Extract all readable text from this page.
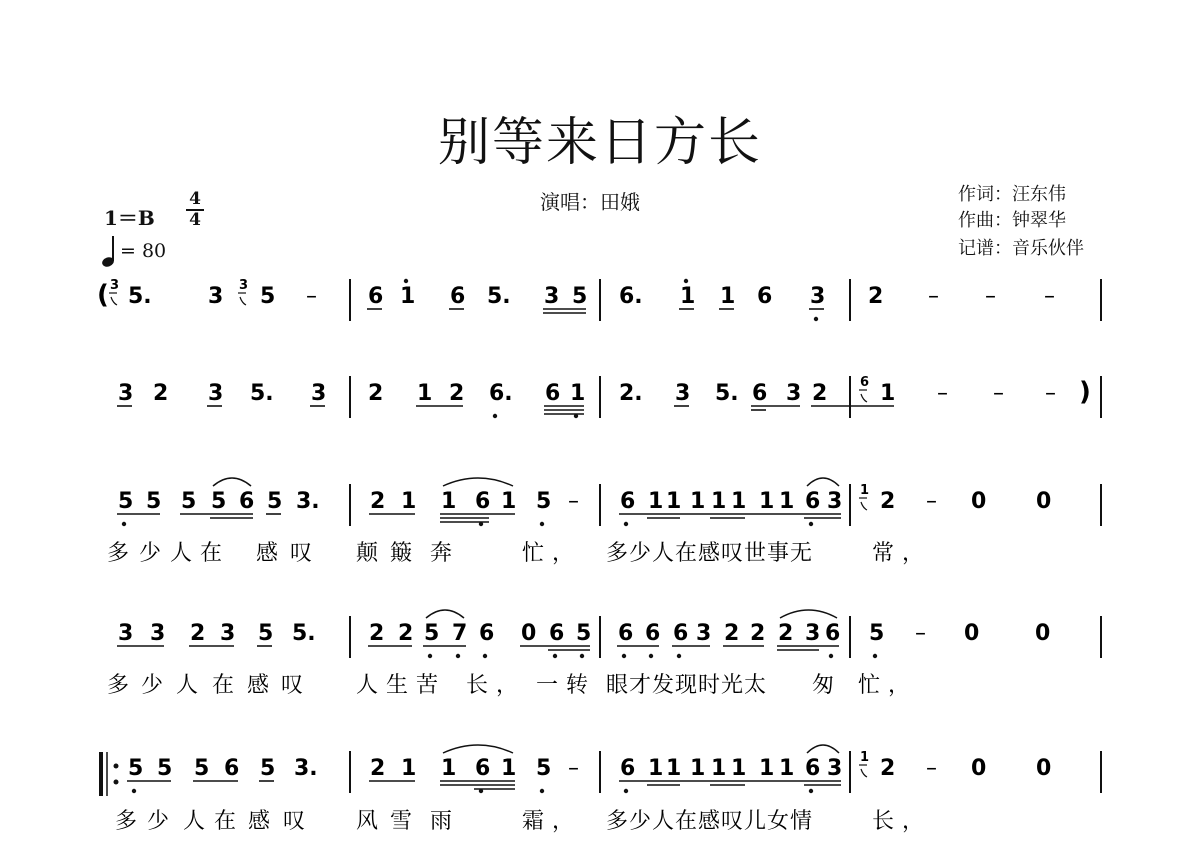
别等来日方长
演唱：田娥	作词：汪东伟
作曲：钟翠华
记谱：音乐伙伴
1＝B
4
4
= 80
( 5.	3 5 – 6 1 6 5. 3 5 6. 1 1 6 3 2 – – –
3 2 3 5. 3 2 1 2 6. 6 1 2. 3 5. 6 3 2 1 – – – )
5 5 5 5 6 5 3. 2 1 1 6 1 5 – 6 1 1 1 1 1 1 1 6 3 2 – 0 0
多 少 人 在 感 叹 颠 簸 奔	忙， 多少人在感叹世事无	常，
3 3 2 3 5 5. 2 2 5 7 6 0 6 5 6 6 6 3 2 2 2 3 6 5 – 0	0
多 少 人 在 感 叹 人生苦 长， 一转 眼才发现时光太 匆 忙，
5 5 5 6 5 3. 2 1 1 6 1 5 – 6 1 1 1 1 1 1 1 6 3 2 – 0 0
多 少 人 在 感 叹 风 雪 雨	霜， 多少人在感叹儿女情	长，
3	3
6
1
1
